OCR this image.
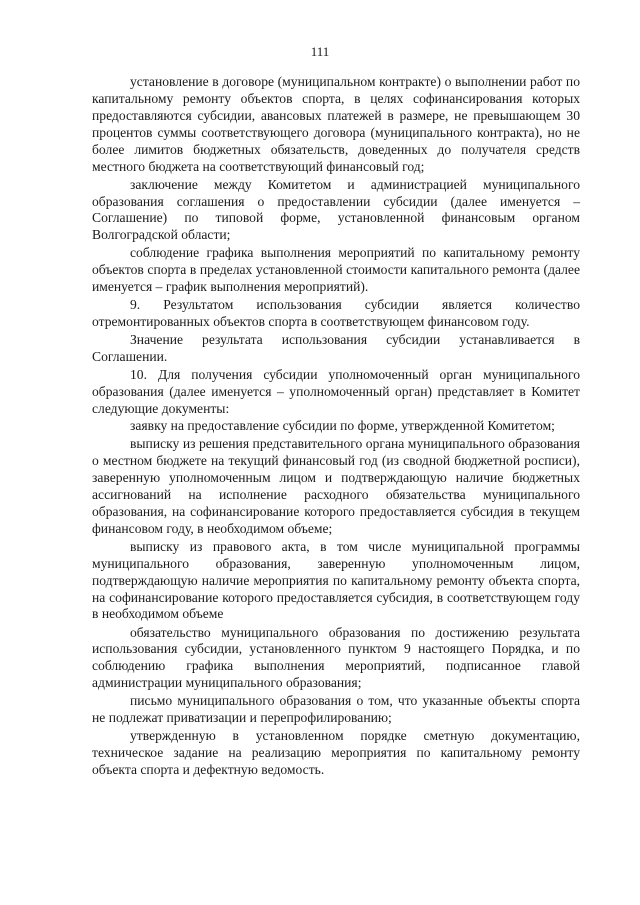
111

установление в договоре (муниципальном контракте) о выполнении работ по капитальному ремонту объектов спорта, в целях софинансирования которых предоставляются субсидии, авансовых платежей в размере, не превышающем 30 процентов суммы соответствующего договора (муниципального контракта), но не более лимитов бюджетных обязательств, доведенных до получателя средств местного бюджета на соответствующий финансовый год;

заключение между Комитетом и администрацией муниципального образования соглашения о предоставлении субсидии (далее именуется – Соглашение) по типовой форме, установленной финансовым органом Волгоградской области;

соблюдение графика выполнения мероприятий по капитальному ремонту объектов спорта в пределах установленной стоимости капитального ремонта (далее именуется – график выполнения мероприятий).

9. Результатом использования субсидии является количество отремонтированных объектов спорта в соответствующем финансовом году.

Значение результата использования субсидии устанавливается в Соглашении.

10. Для получения субсидии уполномоченный орган муниципального образования (далее именуется – уполномоченный орган) представляет в Комитет следующие документы:

заявку на предоставление субсидии по форме, утвержденной Комитетом;

выписку из решения представительного органа муниципального образования о местном бюджете на текущий финансовый год (из сводной бюджетной росписи), заверенную уполномоченным лицом и подтверждающую наличие бюджетных ассигнований на исполнение расходного обязательства муниципального образования, на софинансирование которого предоставляется субсидия в текущем финансовом году, в необходимом объеме;

выписку из правового акта, в том числе муниципальной программы муниципального образования, заверенную уполномоченным лицом, подтверждающую наличие мероприятия по капитальному ремонту объекта спорта, на софинансирование которого предоставляется субсидия, в соответствующем году в необходимом объеме

обязательство муниципального образования по достижению результата использования субсидии, установленного пунктом 9 настоящего Порядка, и по соблюдению графика выполнения мероприятий, подписанное главой администрации муниципального образования;

письмо муниципального образования о том, что указанные объекты спорта не подлежат приватизации и перепрофилированию;

утвержденную в установленном порядке сметную документацию, техническое задание на реализацию мероприятия по капитальному ремонту объекта спорта и дефектную ведомость.
